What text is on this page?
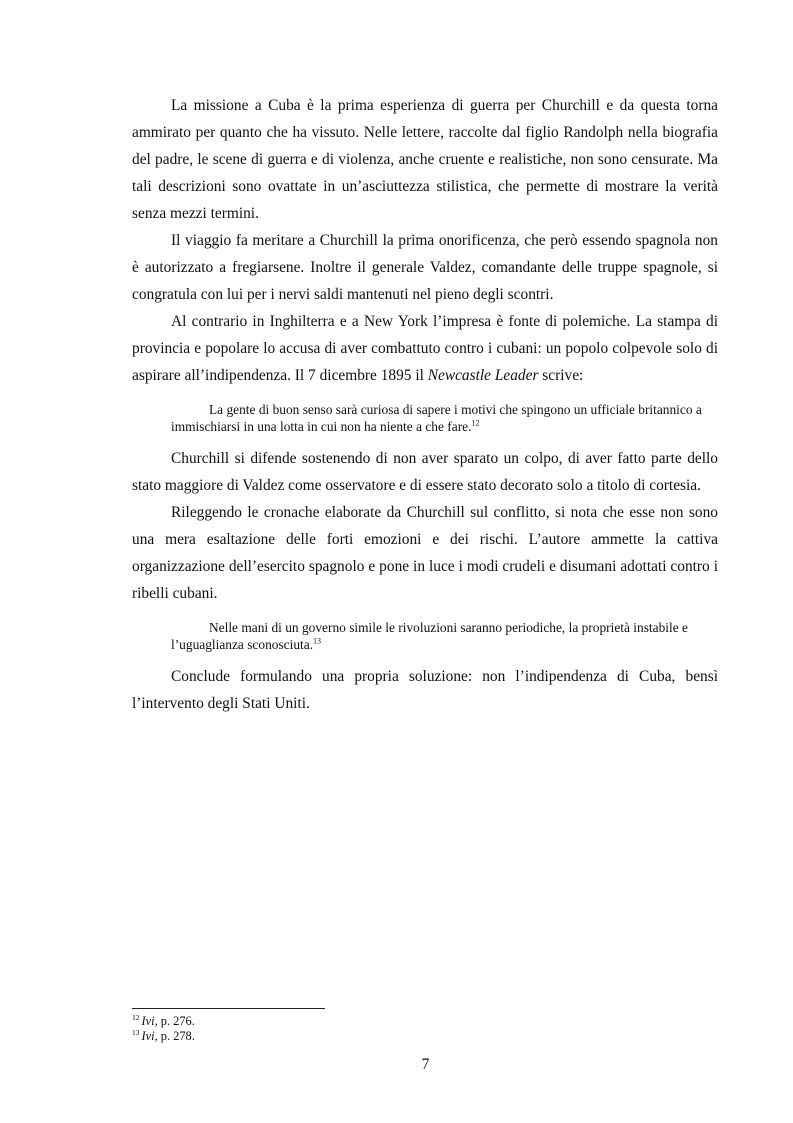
La missione a Cuba è la prima esperienza di guerra per Churchill e da questa torna ammirato per quanto che ha vissuto. Nelle lettere, raccolte dal figlio Randolph nella biografia del padre, le scene di guerra e di violenza, anche cruente e realistiche, non sono censurate. Ma tali descrizioni sono ovattate in un’asciuttezza stilistica, che permette di mostrare la verità senza mezzi termini.

Il viaggio fa meritare a Churchill la prima onorificenza, che però essendo spagnola non è autorizzato a fregiarsene. Inoltre il generale Valdez, comandante delle truppe spagnole, si congratula con lui per i nervi saldi mantenuti nel pieno degli scontri.

Al contrario in Inghilterra e a New York l’impresa è fonte di polemiche. La stampa di provincia e popolare lo accusa di aver combattuto contro i cubani: un popolo colpevole solo di aspirare all’indipendenza. Il 7 dicembre 1895 il Newcastle Leader scrive:

La gente di buon senso sarà curiosa di sapere i motivi che spingono un ufficiale britannico a immischiarsi in una lotta in cui non ha niente a che fare.$^{12}$

Churchill si difende sostenendo di non aver sparato un colpo, di aver fatto parte dello stato maggiore di Valdez come osservatore e di essere stato decorato solo a titolo di cortesia.

Rileggendo le cronache elaborate da Churchill sul conflitto, si nota che esse non sono una mera esaltazione delle forti emozioni e dei rischi. L’autore ammette la cattiva organizzazione dell’esercito spagnolo e pone in luce i modi crudeli e disumani adottati contro i ribelli cubani.

Nelle mani di un governo simile le rivoluzioni saranno periodiche, la proprietà instabile e l’uguaglianza sconosciuta.$^{13}$

Conclude formulando una propria soluzione: non l’indipendenza di Cuba, bensì l’intervento degli Stati Uniti.

$^{12}$ Ivi, p. 276.
$^{13}$ Ivi, p. 278.
7
